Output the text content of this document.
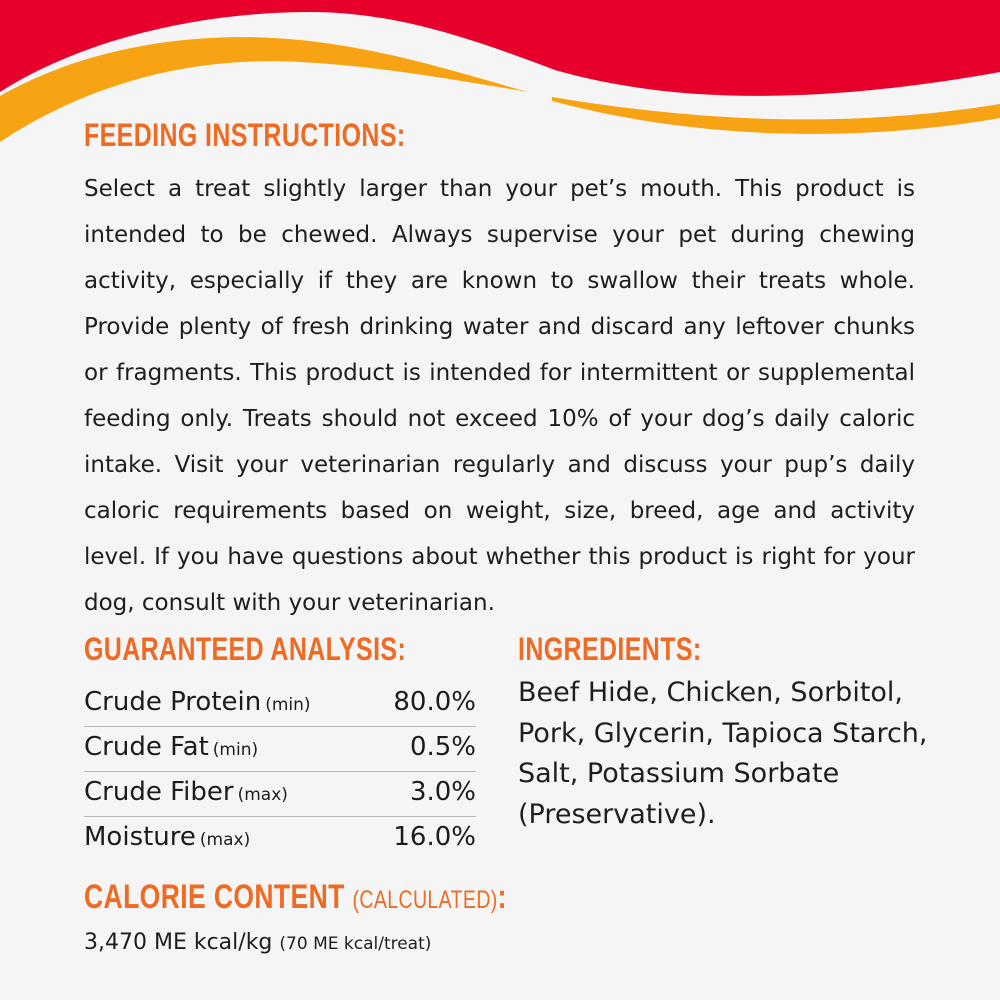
FEEDING INSTRUCTIONS:
Select a treat slightly larger than your pet’s mouth. This product is intended to be chewed. Always supervise your pet during chewing activity, especially if they are known to swallow their treats whole. Provide plenty of fresh drinking water and discard any leftover chunks or fragments. This product is intended for intermittent or supplemental feeding only. Treats should not exceed 10% of your dog’s daily caloric intake. Visit your veterinarian regularly and discuss your pup’s daily caloric requirements based on weight, size, breed, age and activity level. If you have questions about whether this product is right for your dog, consult with your veterinarian.
GUARANTEED ANALYSIS:
Crude Protein (min)	80.0%
Crude Fat (min)	0.5%
Crude Fiber (max)	3.0%
Moisture (max)	16.0%
INGREDIENTS:
Beef Hide, Chicken, Sorbitol, Pork, Glycerin, Tapioca Starch, Salt, Potassium Sorbate (Preservative).
CALORIE CONTENT (CALCULATED):
3,470 ME kcal/kg (70 ME kcal/treat)
